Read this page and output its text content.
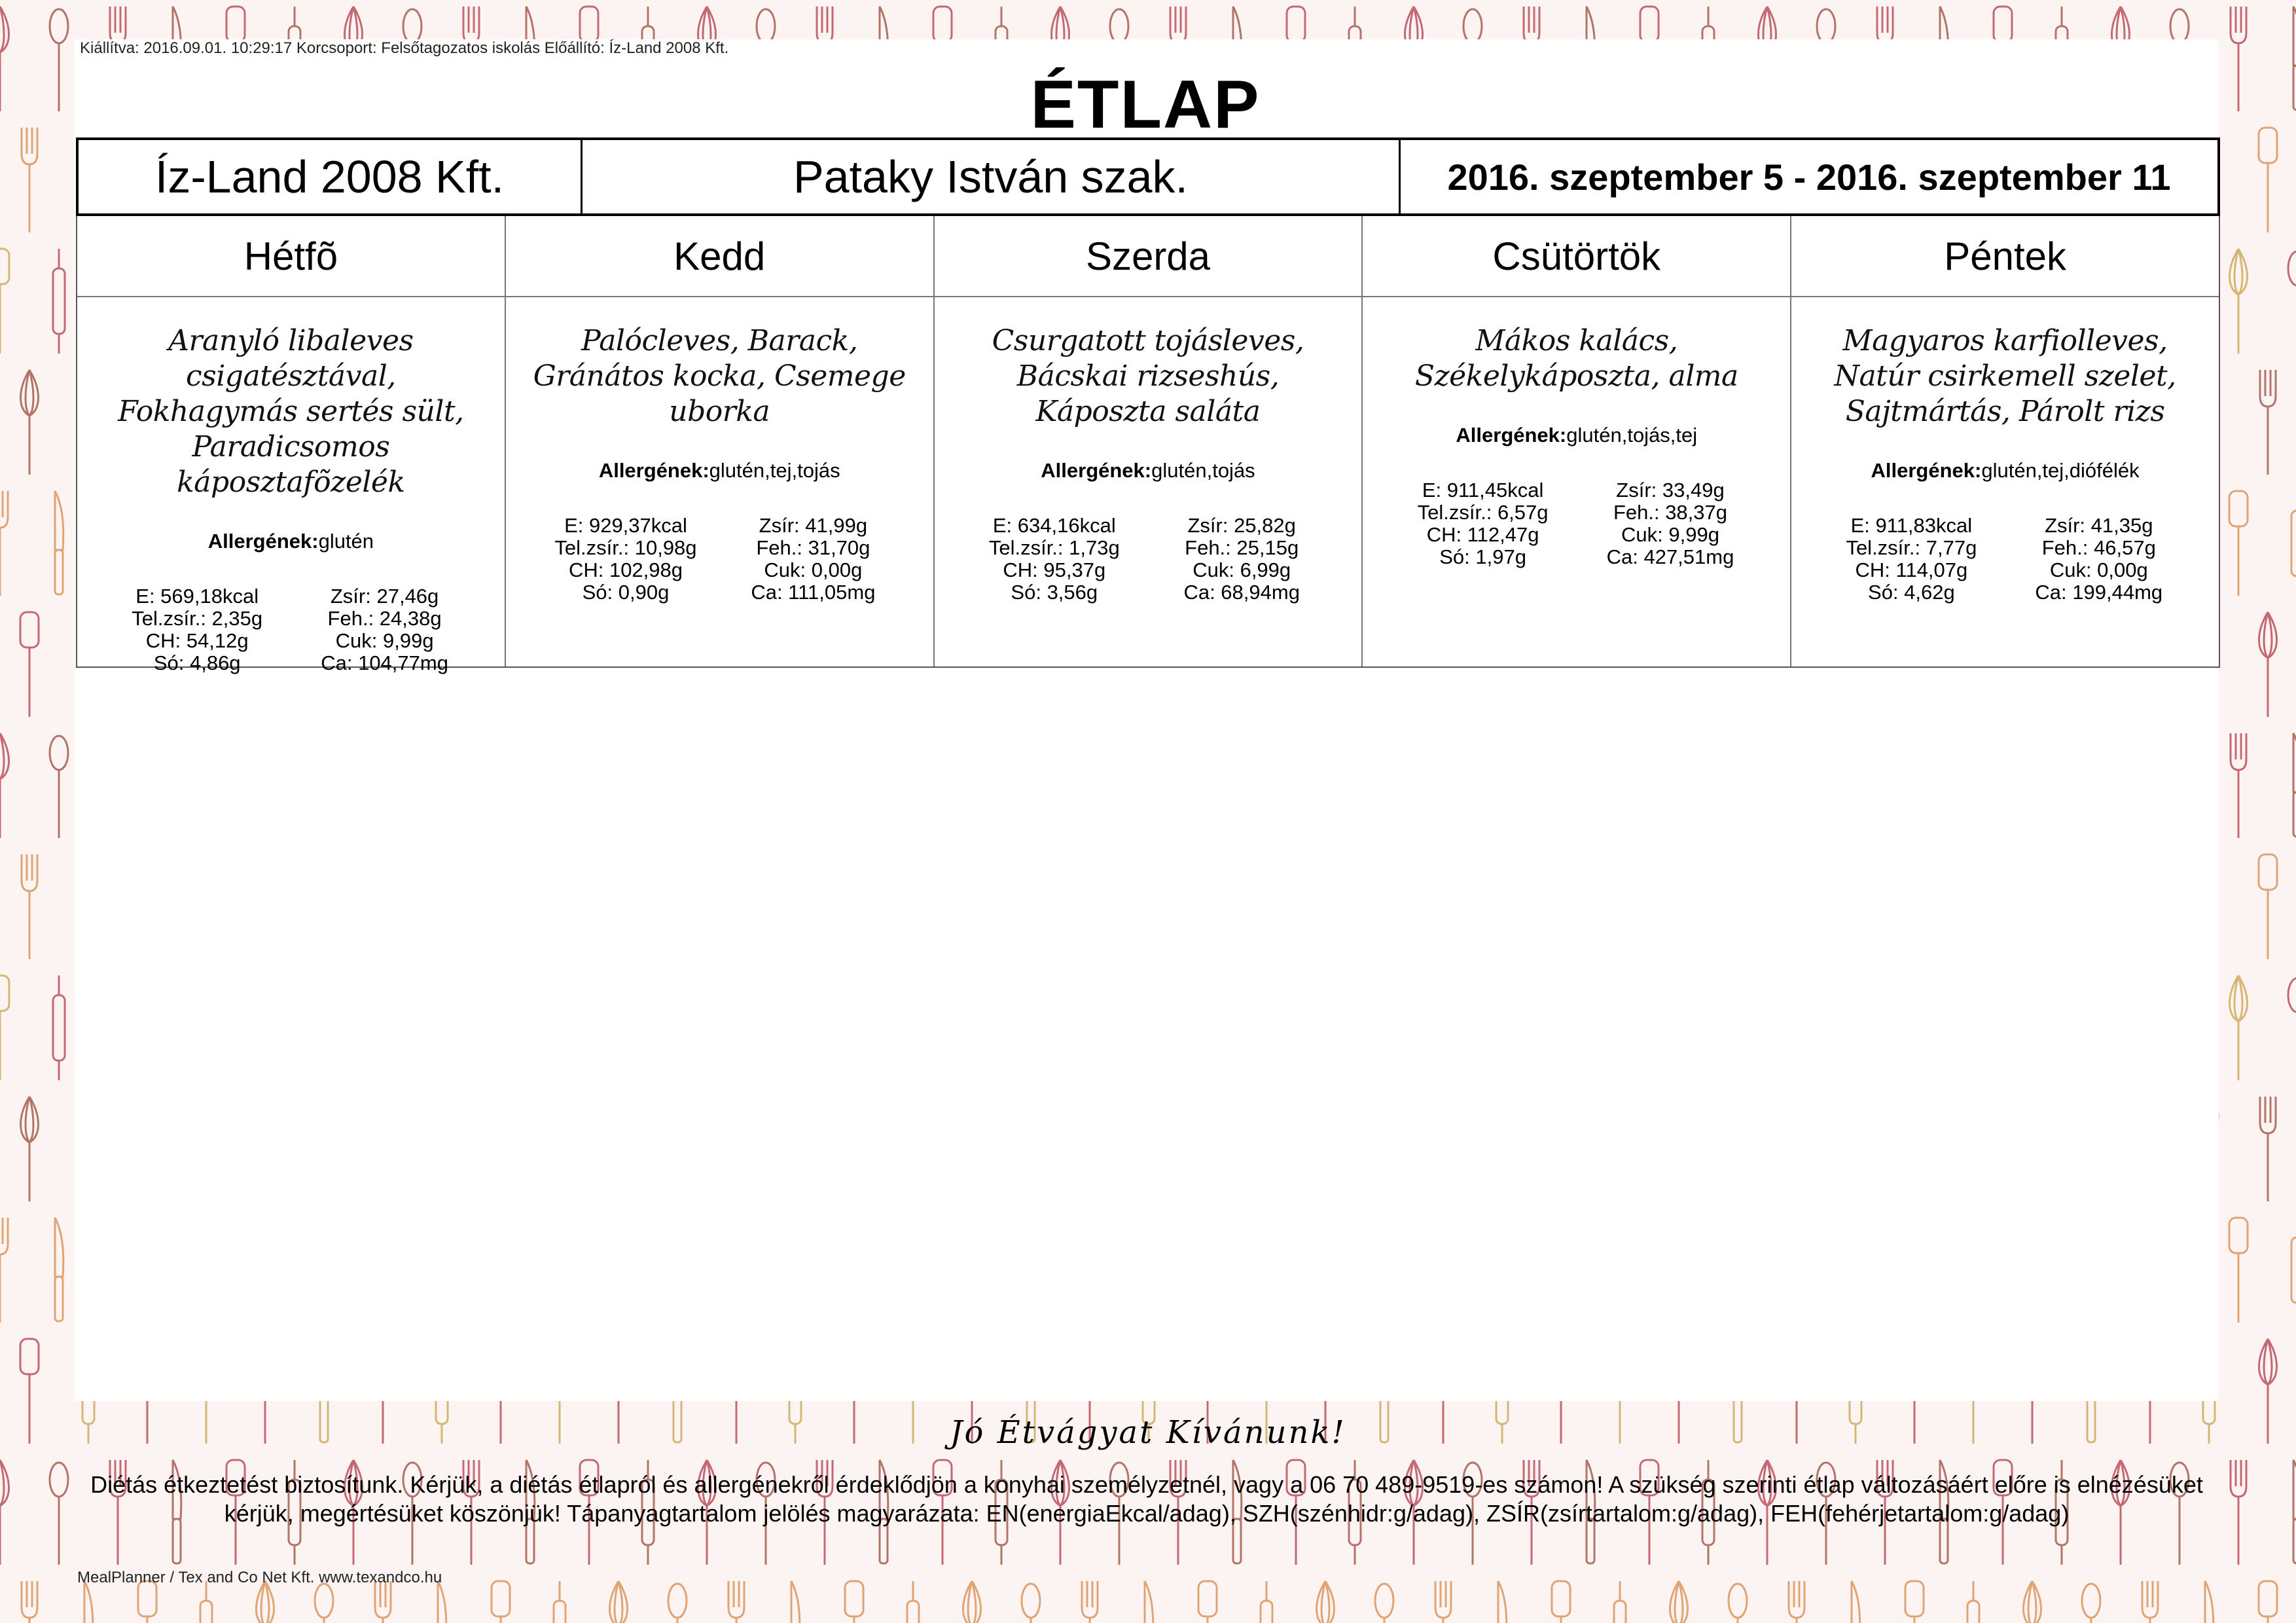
Kiállítva: 2016.09.01. 10:29:17 Korcsoport: Felsőtagozatos iskolás Előállító: Íz-Land 2008 Kft.
ÉTLAP
Íz-Land 2008 Kft.	Pataky István szak.	2016. szeptember 5 - 2016. szeptember 11
Hétfõ
Aranyló libaleves csigatésztával, Fokhagymás sertés sült, Paradicsomos káposztafõzelék
Allergének:glutén
E: 569,18kcal	Zsír: 27,46g
Tel.zsír.: 2,35g	Feh.: 24,38g
CH: 54,12g	Cuk: 9,99g
Só: 4,86g	Ca: 104,77mg
Kedd
Palócleves, Barack, Gránátos kocka, Csemege uborka
Allergének:glutén,tej,tojás
E: 929,37kcal	Zsír: 41,99g
Tel.zsír.: 10,98g	Feh.: 31,70g
CH: 102,98g	Cuk: 0,00g
Só: 0,90g	Ca: 111,05mg
Szerda
Csurgatott tojásleves, Bácskai rizseshús, Káposzta saláta
Allergének:glutén,tojás
E: 634,16kcal	Zsír: 25,82g
Tel.zsír.: 1,73g	Feh.: 25,15g
CH: 95,37g	Cuk: 6,99g
Só: 3,56g	Ca: 68,94mg
Csütörtök
Mákos kalács, Székelykáposzta, alma
Allergének:glutén,tojás,tej
E: 911,45kcal	Zsír: 33,49g
Tel.zsír.: 6,57g	Feh.: 38,37g
CH: 112,47g	Cuk: 9,99g
Só: 1,97g	Ca: 427,51mg
Péntek
Magyaros karfiolleves, Natúr csirkemell szelet, Sajtmártás, Párolt rizs
Allergének:glutén,tej,diófélék
E: 911,83kcal	Zsír: 41,35g
Tel.zsír.: 7,77g	Feh.: 46,57g
CH: 114,07g	Cuk: 0,00g
Só: 4,62g	Ca: 199,44mg
Jó Étvágyat Kívánunk!
Diétás étkeztetést biztosítunk. Kérjük, a diétás étlapról és allergénekről érdeklődjön a konyhai személyzetnél, vagy a 06 70 489-9519-es számon! A szükség szerinti étlap változásáért előre is elnézésüket kérjük, megértésüket köszönjük! Tápanyagtartalom jelölés magyarázata: EN(energiaEkcal/adag), SZH(szénhidr:g/adag), ZSÍR(zsírtartalom:g/adag), FEH(fehérjetartalom:g/adag)
MealPlanner / Tex and Co Net Kft. www.texandco.hu
